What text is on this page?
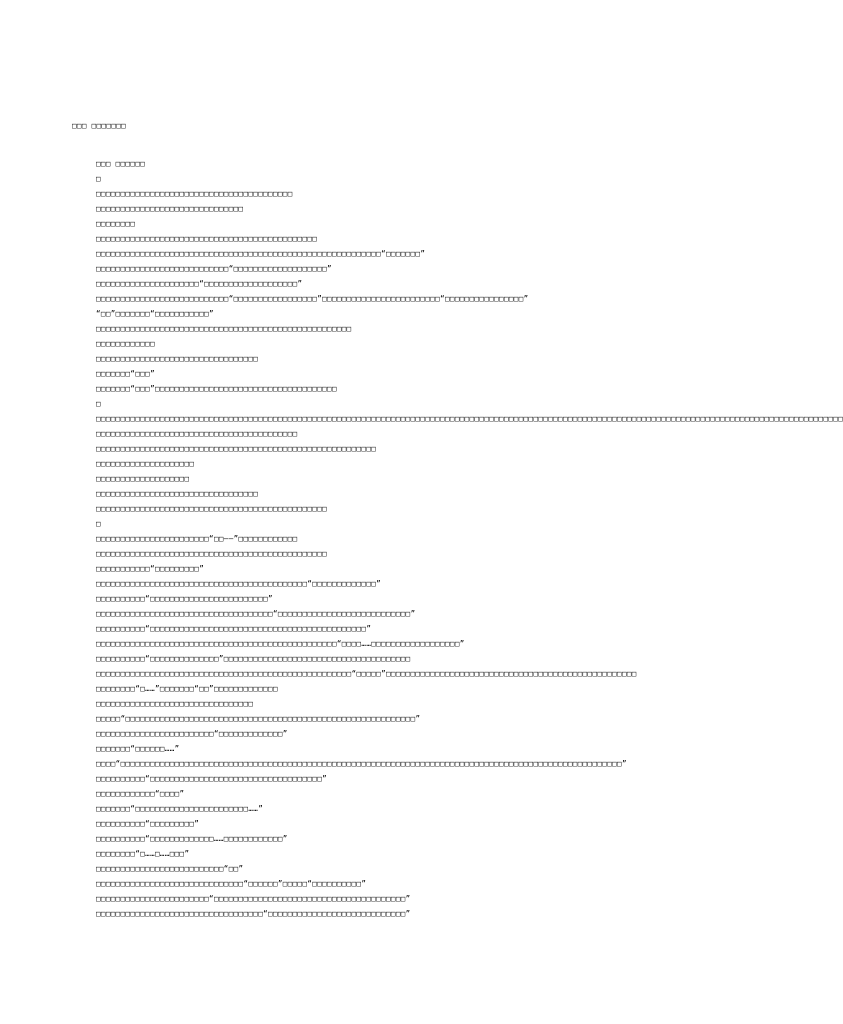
□□□ □□□□□□□

□□□ □□□□□□

□

□□□□□□□□□□□□□□□□□□□□□□□□□□□□□□□□□□□□□□□□

□□□□□□□□□□□□□□□□□□□□□□□□□□□□□□

□□□□□□□□

□□□□□□□□□□□□□□□□□□□□□□□□□□□□□□□□□□□□□□□□□□□□□

□□□□□□□□□□□□□□□□□□□□□□□□□□□□□□□□□□□□□□□□□□□□□□□□□□□□□□□□□□“□□□□□□□”

□□□□□□□□□□□□□□□□□□□□□□□□□□□“□□□□□□□□□□□□□□□□□□□”

□□□□□□□□□□□□□□□□□□□□□“□□□□□□□□□□□□□□□□□□□”

□□□□□□□□□□□□□□□□□□□□□□□□□□□“□□□□□□□□□□□□□□□□□”□□□□□□□□□□□□□□□□□□□□□□□□“□□□□□□□□□□□□□□□□”

“□□”□□□□□□□“□□□□□□□□□□□”

□□□□□□□□□□□□□□□□□□□□□□□□□□□□□□□□□□□□□□□□□□□□□□□□□□□□

□□□□□□□□□□□□

□□□□□□□□□□□□□□□□□□□□□□□□□□□□□□□□□

□□□□□□□“□□□”

□□□□□□□“□□□”□□□□□□□□□□□□□□□□□□□□□□□□□□□□□□□□□□□□□

□

□□□□□□□□□□□□□□□□□□□□□□□□□□□□□□□□□□□□□□□□□□□□□□□□□□□□□□□□□□□□□□□□□□□□□□□□□□□□□□□□□□□□□□□□□□□□□□□□□□□□□□□□□□□□□□□□□□□□□□□□□□□□□□□□□□□□□□□□□□□□□□□□□□□□□□□□

□□□□□□□□□□□□□□□□□□□□□□□□□□□□□□□□□□□□□□□□□

□□□□□□□□□□□□□□□□□□□□□□□□□□□□□□□□□□□□□□□□□□□□□□□□□□□□□□□□□

□□□□□□□□□□□□□□□□□□□□

□□□□□□□□□□□□□□□□□□□

□□□□□□□□□□□□□□□□□□□□□□□□□□□□□□□□□

□□□□□□□□□□□□□□□□□□□□□□□□□□□□□□□□□□□□□□□□□□□□□□□

□

□□□□□□□□□□□□□□□□□□□□□□□“□□——”□□□□□□□□□□□□

□□□□□□□□□□□□□□□□□□□□□□□□□□□□□□□□□□□□□□□□□□□□□□□

□□□□□□□□□□□“□□□□□□□□□”

□□□□□□□□□□□□□□□□□□□□□□□□□□□□□□□□□□□□□□□□□□□“□□□□□□□□□□□□□”

□□□□□□□□□□“□□□□□□□□□□□□□□□□□□□□□□□□”

□□□□□□□□□□□□□□□□□□□□□□□□□□□□□□□□□□□□“□□□□□□□□□□□□□□□□□□□□□□□□□□□”

□□□□□□□□□□“□□□□□□□□□□□□□□□□□□□□□□□□□□□□□□□□□□□□□□□□□□□□”

□□□□□□□□□□□□□□□□□□□□□□□□□□□□□□□□□□□□□□□□□□□□□□□□□“□□□□……□□□□□□□□□□□□□□□□□□”

□□□□□□□□□□“□□□□□□□□□□□□□□”□□□□□□□□□□□□□□□□□□□□□□□□□□□□□□□□□□□□□□

□□□□□□□□□□□□□□□□□□□□□□□□□□□□□□□□□□□□□□□□□□□□□□□□□□□□“□□□□□”□□□□□□□□□□□□□□□□□□□□□□□□□□□□□□□□□□□□□□□□□□□□□□□□□□□

□□□□□□□□“□……”□□□□□□□“□□”□□□□□□□□□□□□□

□□□□□□□□□□□□□□□□□□□□□□□□□□□□□□□□

□□□□□“□□□□□□□□□□□□□□□□□□□□□□□□□□□□□□□□□□□□□□□□□□□□□□□□□□□□□□□□□□□”

□□□□□□□□□□□□□□□□□□□□□□□□“□□□□□□□□□□□□□”

□□□□□□□“□□□□□□……”

□□□□“□□□□□□□□□□□□□□□□□□□□□□□□□□□□□□□□□□□□□□□□□□□□□□□□□□□□□□□□□□□□□□□□□□□□□□□□□□□□□□□□□□□□□□□□□□□□□□□□□□□□□□”

□□□□□□□□□□“□□□□□□□□□□□□□□□□□□□□□□□□□□□□□□□□□□□”

□□□□□□□□□□□□“□□□□”

□□□□□□□“□□□□□□□□□□□□□□□□□□□□□□□……”

□□□□□□□□□□“□□□□□□□□□”

□□□□□□□□□□“□□□□□□□□□□□□□……□□□□□□□□□□□□”

□□□□□□□□“□……□……□□□”

□□□□□□□□□□□□□□□□□□□□□□□□□□“□□”

□□□□□□□□□□□□□□□□□□□□□□□□□□□□□□“□□□□□□”□□□□□“□□□□□□□□□□”

□□□□□□□□□□□□□□□□□□□□□□□“□□□□□□□□□□□□□□□□□□□□□□□□□□□□□□□□□□□□□□□”

□□□□□□□□□□□□□□□□□□□□□□□□□□□□□□□□□□“□□□□□□□□□□□□□□□□□□□□□□□□□□□□”
